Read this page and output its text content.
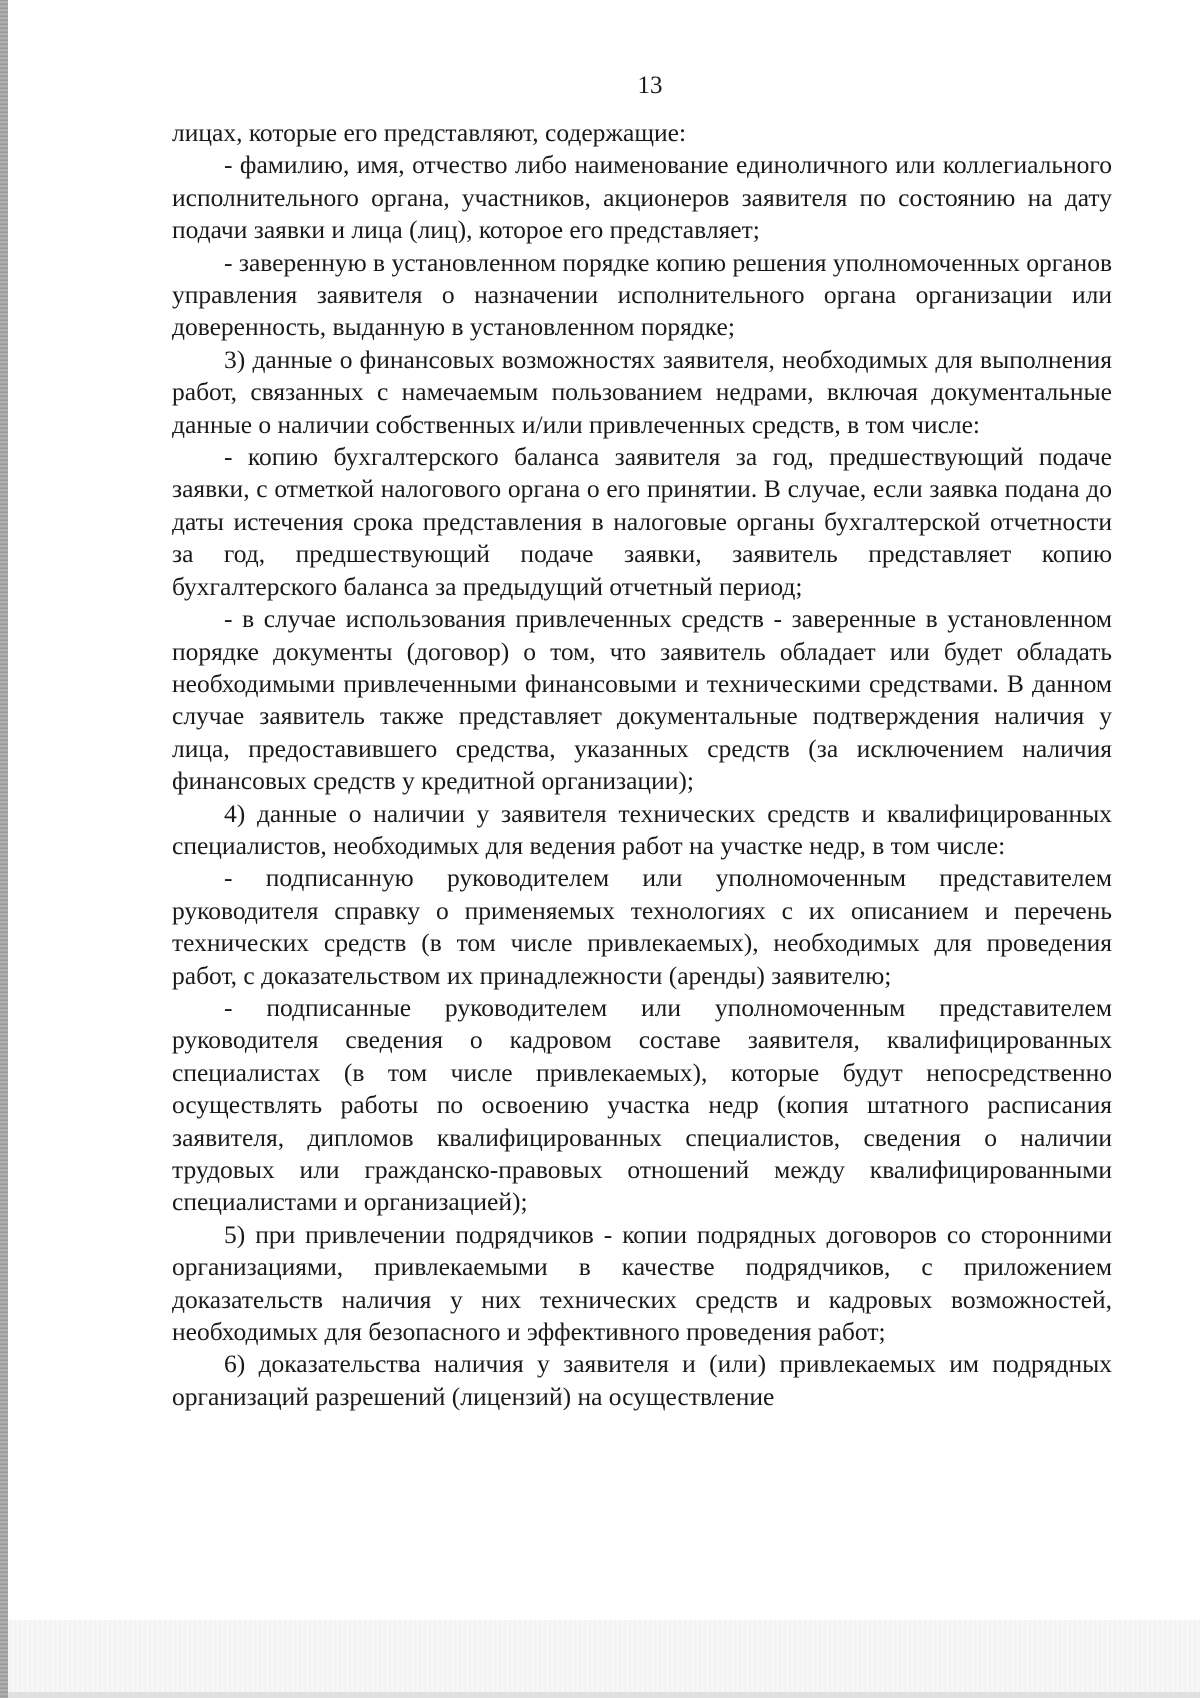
13

лицах, которые его представляют, содержащие:

- фамилию, имя, отчество либо наименование единоличного или коллегиального исполнительного органа, участников, акционеров заявителя по состоянию на дату подачи заявки и лица (лиц), которое его представляет;

- заверенную в установленном порядке копию решения уполномоченных органов управления заявителя о назначении исполнительного органа организации или доверенность, выданную в установленном порядке;

3) данные о финансовых возможностях заявителя, необходимых для выполнения работ, связанных с намечаемым пользованием недрами, включая документальные данные о наличии собственных и/или привлеченных средств, в том числе:

- копию бухгалтерского баланса заявителя за год, предшествующий подаче заявки, с отметкой налогового органа о его принятии. В случае, если заявка подана до даты истечения срока представления в налоговые органы бухгалтерской отчетности за год, предшествующий подаче заявки, заявитель представляет копию бухгалтерского баланса за предыдущий отчетный период;

- в случае использования привлеченных средств - заверенные в установленном порядке документы (договор) о том, что заявитель обладает или будет обладать необходимыми привлеченными финансовыми и техническими средствами. В данном случае заявитель также представляет документальные подтверждения наличия у лица, предоставившего средства, указанных средств (за исключением наличия финансовых средств у кредитной организации);

4) данные о наличии у заявителя технических средств и квалифицированных специалистов, необходимых для ведения работ на участке недр, в том числе:

- подписанную руководителем или уполномоченным представителем руководителя справку о применяемых технологиях с их описанием и перечень технических средств (в том числе привлекаемых), необходимых для проведения работ, с доказательством их принадлежности (аренды) заявителю;

- подписанные руководителем или уполномоченным представителем руководителя сведения о кадровом составе заявителя, квалифицированных специалистах (в том числе привлекаемых), которые будут непосредственно осуществлять работы по освоению участка недр (копия штатного расписания заявителя, дипломов квалифицированных специалистов, сведения о наличии трудовых или гражданско-правовых отношений между квалифицированными специалистами и организацией);

5) при привлечении подрядчиков - копии подрядных договоров со сторонними организациями, привлекаемыми в качестве подрядчиков, с приложением доказательств наличия у них технических средств и кадровых возможностей, необходимых для безопасного и эффективного проведения работ;

6) доказательства наличия у заявителя и (или) привлекаемых им подрядных организаций разрешений (лицензий) на осуществление
